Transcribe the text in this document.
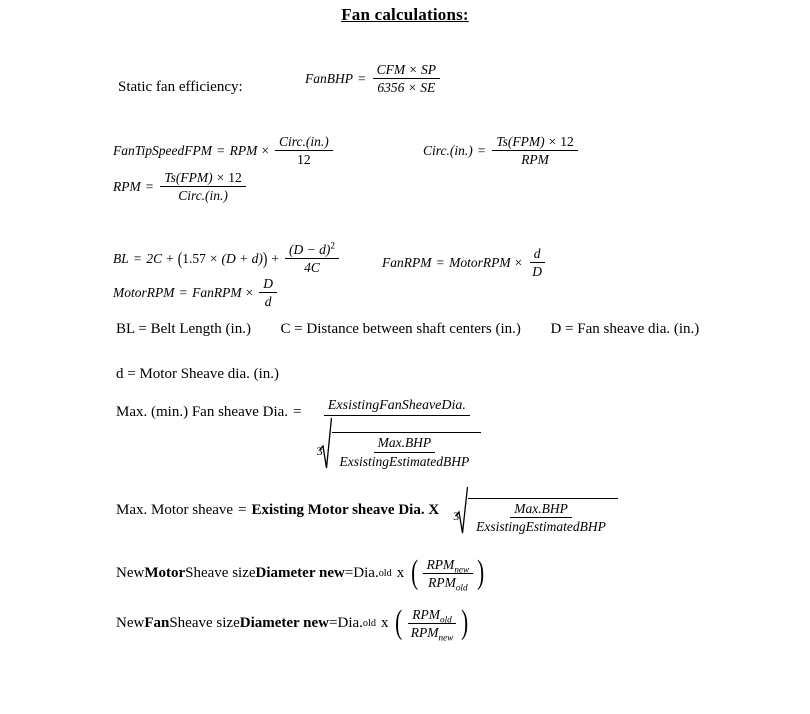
Fan calculations:
Static fan efficiency:
FanBHP = $\frac{\text{CFM × SP}}{6356 \times SE}$
FanTipSpeedFPM = RPM × $\frac{\text{Circ.(in.)}}{12}$
RPM = $\frac{\text{Ts(FPM) × 12}}{\text{Circ.(in.)}}$
Circ.(in.) = $\frac{\text{Ts(FPM) × 12}}{\text{RPM}}$
BL = 2C + ( 1.57 × (D + d) ) + $\frac{(D - d)^2}{4C}$
MotorRPM = FanRPM × $\frac{D}{d}$
FanRPM = MotorRPM × $\frac{d}{D}$
BL = Belt Length (in.) C = Distance between shaft centers (in.) D = Fan sheave dia. (in.)
d = Motor Sheave dia. (in.)
Max. (min.) Fan sheave Dia. =	ExsistingFanSheaveDia.
$3 \frac{\text{Max.BHP}}{\text{ExsistingEstimatedBHP}}$
Max. Motor sheave = Existing Motor sheave Dia. X $3 \frac{\text{Max.BHP}}{\text{ExsistingEstimatedBHP}}$
New Motor Sheave size Diameter new = Dia. old x ( $\frac{RPM_{new}}{RPM_{old}}$ )
New Fan Sheave size Diameter new = Dia. old x ( $\frac{RPM_{old}}{RPM_{new}}$ )
